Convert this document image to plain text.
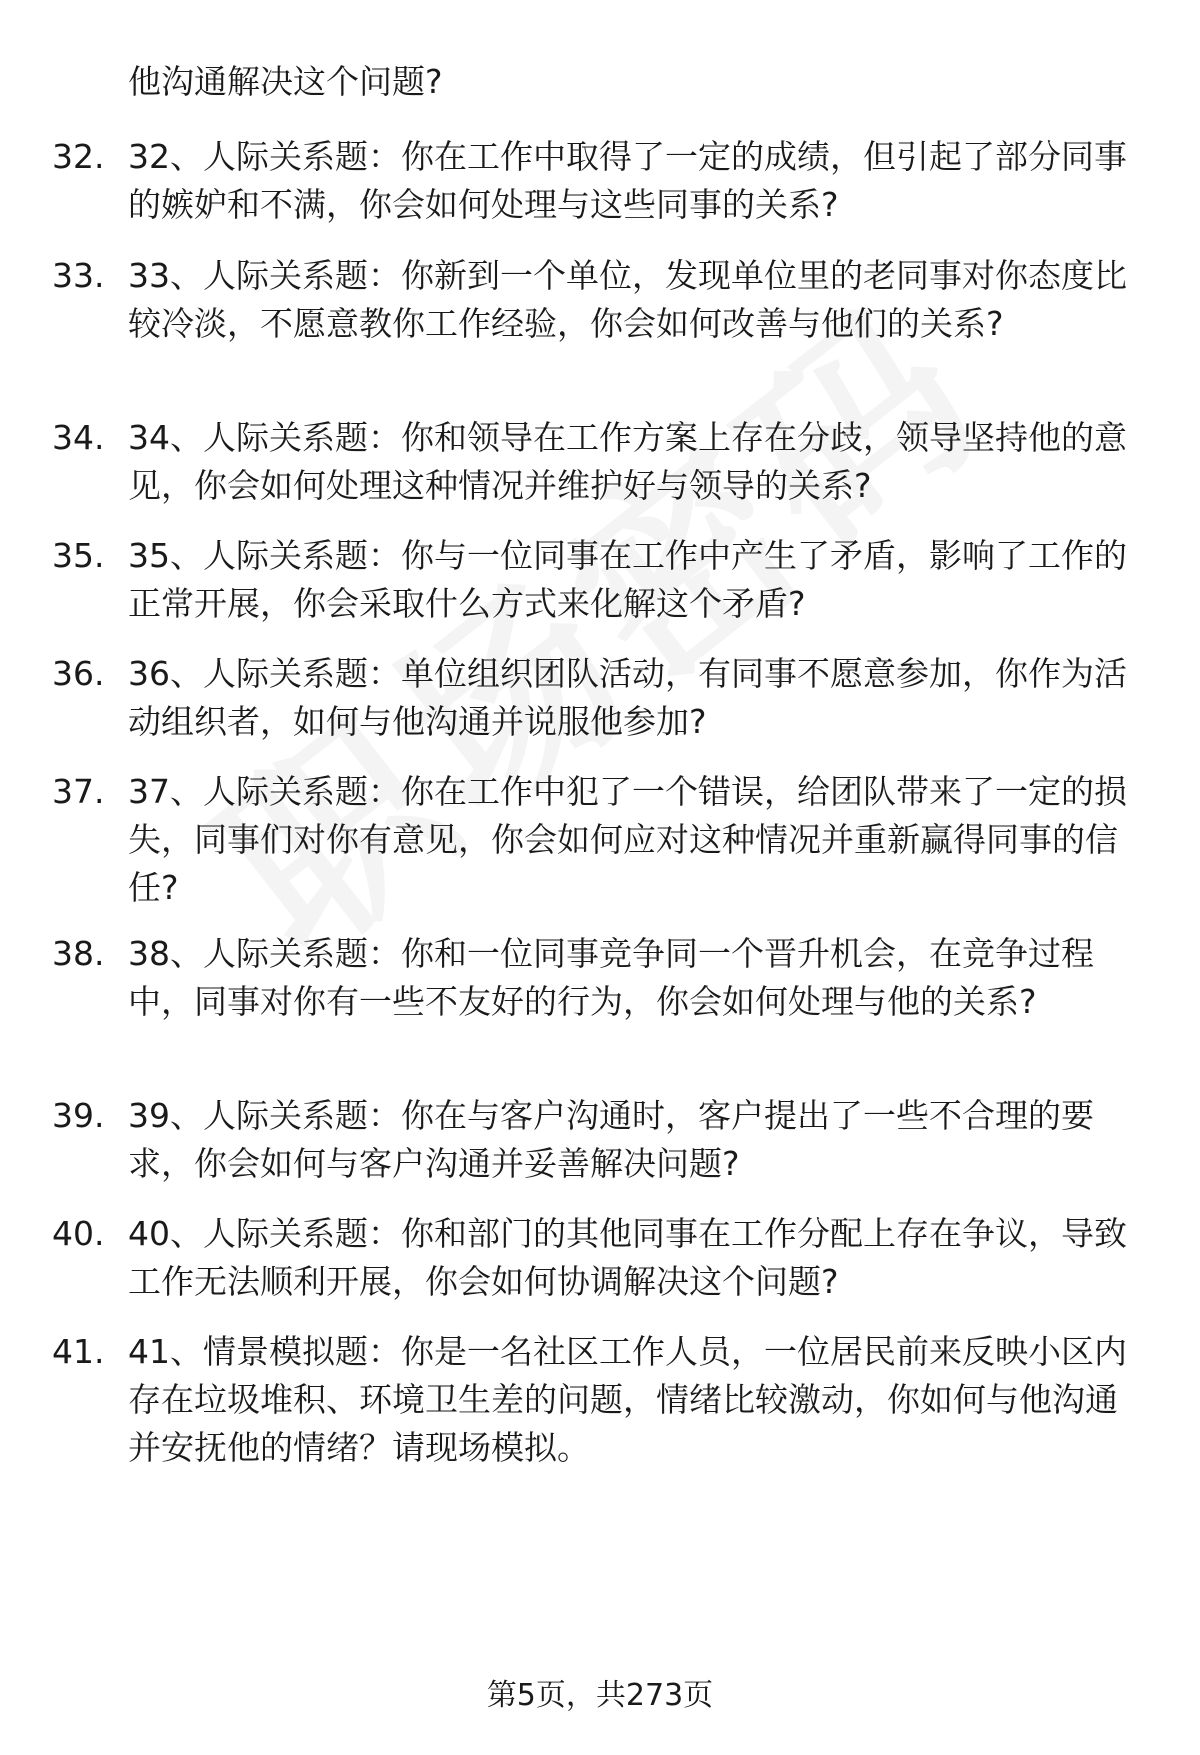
他沟通解决这个问题?
32. 32、人际关系题：你在工作中取得了一定的成绩，但引起了部分同事的嫉妒和不满，你会如何处理与这些同事的关系?
33. 33、人际关系题：你新到一个单位，发现单位里的老同事对你态度比较冷淡，不愿意教你工作经验，你会如何改善与他们的关系?
34. 34、人际关系题：你和领导在工作方案上存在分歧，领导坚持他的意见，你会如何处理这种情况并维护好与领导的关系?
35. 35、人际关系题：你与一位同事在工作中产生了矛盾，影响了工作的正常开展，你会采取什么方式来化解这个矛盾?
36. 36、人际关系题：单位组织团队活动，有同事不愿意参加，你作为活动组织者，如何与他沟通并说服他参加?
37. 37、人际关系题：你在工作中犯了一个错误，给团队带来了一定的损失，同事们对你有意见，你会如何应对这种情况并重新赢得同事的信任?
38. 38、人际关系题：你和一位同事竞争同一个晋升机会，在竞争过程中，同事对你有一些不友好的行为，你会如何处理与他的关系?
39. 39、人际关系题：你在与客户沟通时，客户提出了一些不合理的要求，你会如何与客户沟通并妥善解决问题?
40. 40、人际关系题：你和部门的其他同事在工作分配上存在争议，导致工作无法顺利开展，你会如何协调解决这个问题?
41. 41、情景模拟题：你是一名社区工作人员，一位居民前来反映小区内存在垃圾堆积、环境卫生差的问题，情绪比较激动，你如何与他沟通并安抚他的情绪？请现场模拟。
第5页，共273页
